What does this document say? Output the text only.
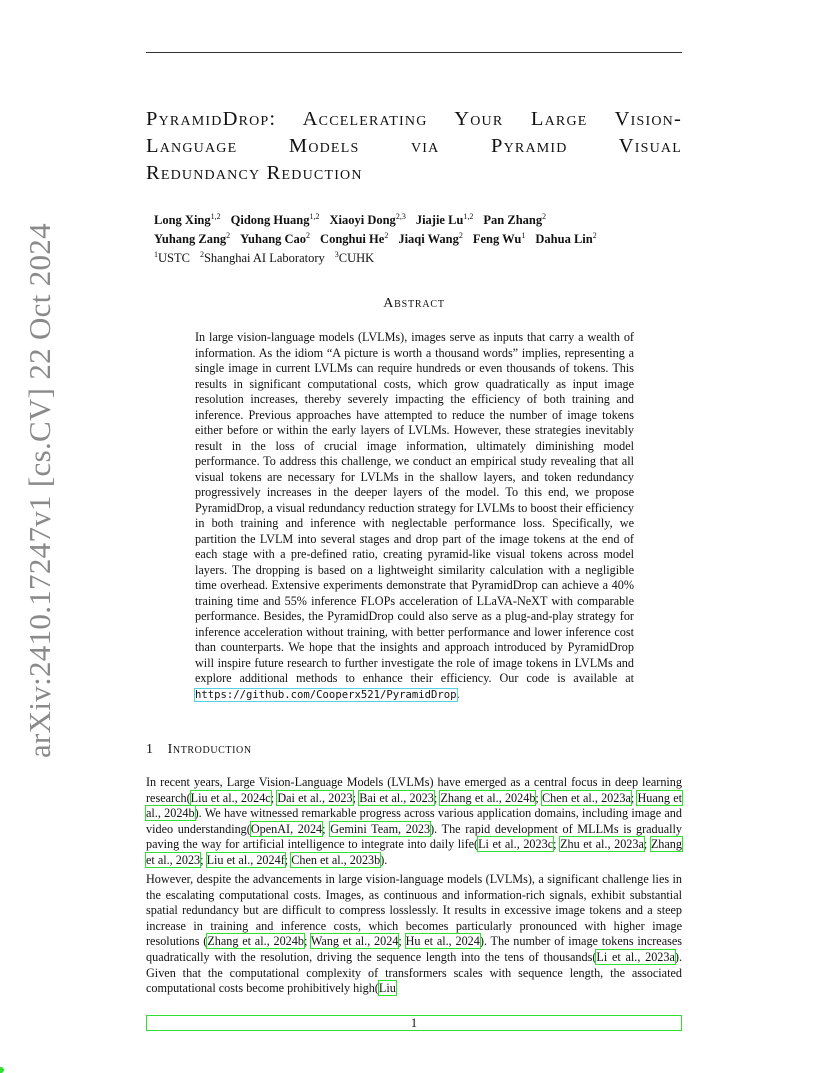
arXiv:2410.17247v1 [cs.CV] 22 Oct 2024
PyramidDrop: Accelerating Your Large Vision-Language Models via Pyramid Visual
Redundancy Reduction
Long Xing$^{1,2}$ Qidong Huang$^{1,2}$ Xiaoyi Dong$^{2,3}$ Jiajie Lu$^{1,2}$ Pan Zhang$^2$
Yuhang Zang$^2$ Yuhang Cao$^2$ Conghui He$^2$ Jiaqi Wang$^2$ Feng Wu$^1$ Dahua Lin$^2$
$^1$USTC $^2$Shanghai AI Laboratory $^3$CUHK
Abstract
In large vision-language models (LVLMs), images serve as inputs that carry a wealth of information. As the idiom “A picture is worth a thousand words” implies, representing a single image in current LVLMs can require hundreds or even thousands of tokens. This results in significant computational costs, which grow quadratically as input image resolution increases, thereby severely impacting the efficiency of both training and inference. Previous approaches have attempted to reduce the number of image tokens either before or within the early layers of LVLMs. However, these strategies inevitably result in the loss of crucial image information, ultimately diminishing model performance. To address this challenge, we conduct an empirical study revealing that all visual tokens are necessary for LVLMs in the shallow layers, and token redundancy progressively increases in the deeper layers of the model. To this end, we propose PyramidDrop, a visual redundancy reduction strategy for LVLMs to boost their efficiency in both training and inference with neglectable performance loss. Specifically, we partition the LVLM into several stages and drop part of the image tokens at the end of each stage with a pre-defined ratio, creating pyramid-like visual tokens across model layers. The dropping is based on a lightweight similarity calculation with a negligible time overhead. Extensive experiments demonstrate that PyramidDrop can achieve a 40% training time and 55% inference FLOPs acceleration of LLaVA-NeXT with comparable performance. Besides, the PyramidDrop could also serve as a plug-and-play strategy for inference acceleration without training, with better performance and lower inference cost than counterparts. We hope that the insights and approach introduced by PyramidDrop will inspire future research to further investigate the role of image tokens in LVLMs and explore additional methods to enhance their efficiency. Our code is available at https://github.com/Cooperx521/PyramidDrop.
1 Introduction
In recent years, Large Vision-Language Models (LVLMs) have emerged as a central focus in deep learning research(Liu et al., 2024c; Dai et al., 2023; Bai et al., 2023; Zhang et al., 2024b; Chen et al., 2023a; Huang et al., 2024b). We have witnessed remarkable progress across various application domains, including image and video understanding(OpenAI, 2024; Gemini Team, 2023). The rapid development of MLLMs is gradually paving the way for artificial intelligence to integrate into daily life(Li et al., 2023c; Zhu et al., 2023a; Zhang et al., 2023; Liu et al., 2024f; Chen et al., 2023b).
However, despite the advancements in large vision-language models (LVLMs), a significant challenge lies in the escalating computational costs. Images, as continuous and information-rich signals, exhibit substantial spatial redundancy but are difficult to compress losslessly. It results in excessive image tokens and a steep increase in training and inference costs, which becomes particularly pronounced with higher image resolutions (Zhang et al., 2024b; Wang et al., 2024; Hu et al., 2024). The number of image tokens increases quadratically with the resolution, driving the sequence length into the tens of thousands(Li et al., 2023a). Given that the computational complexity of transformers scales with sequence length, the associated computational costs become prohibitively high(Liu
1
